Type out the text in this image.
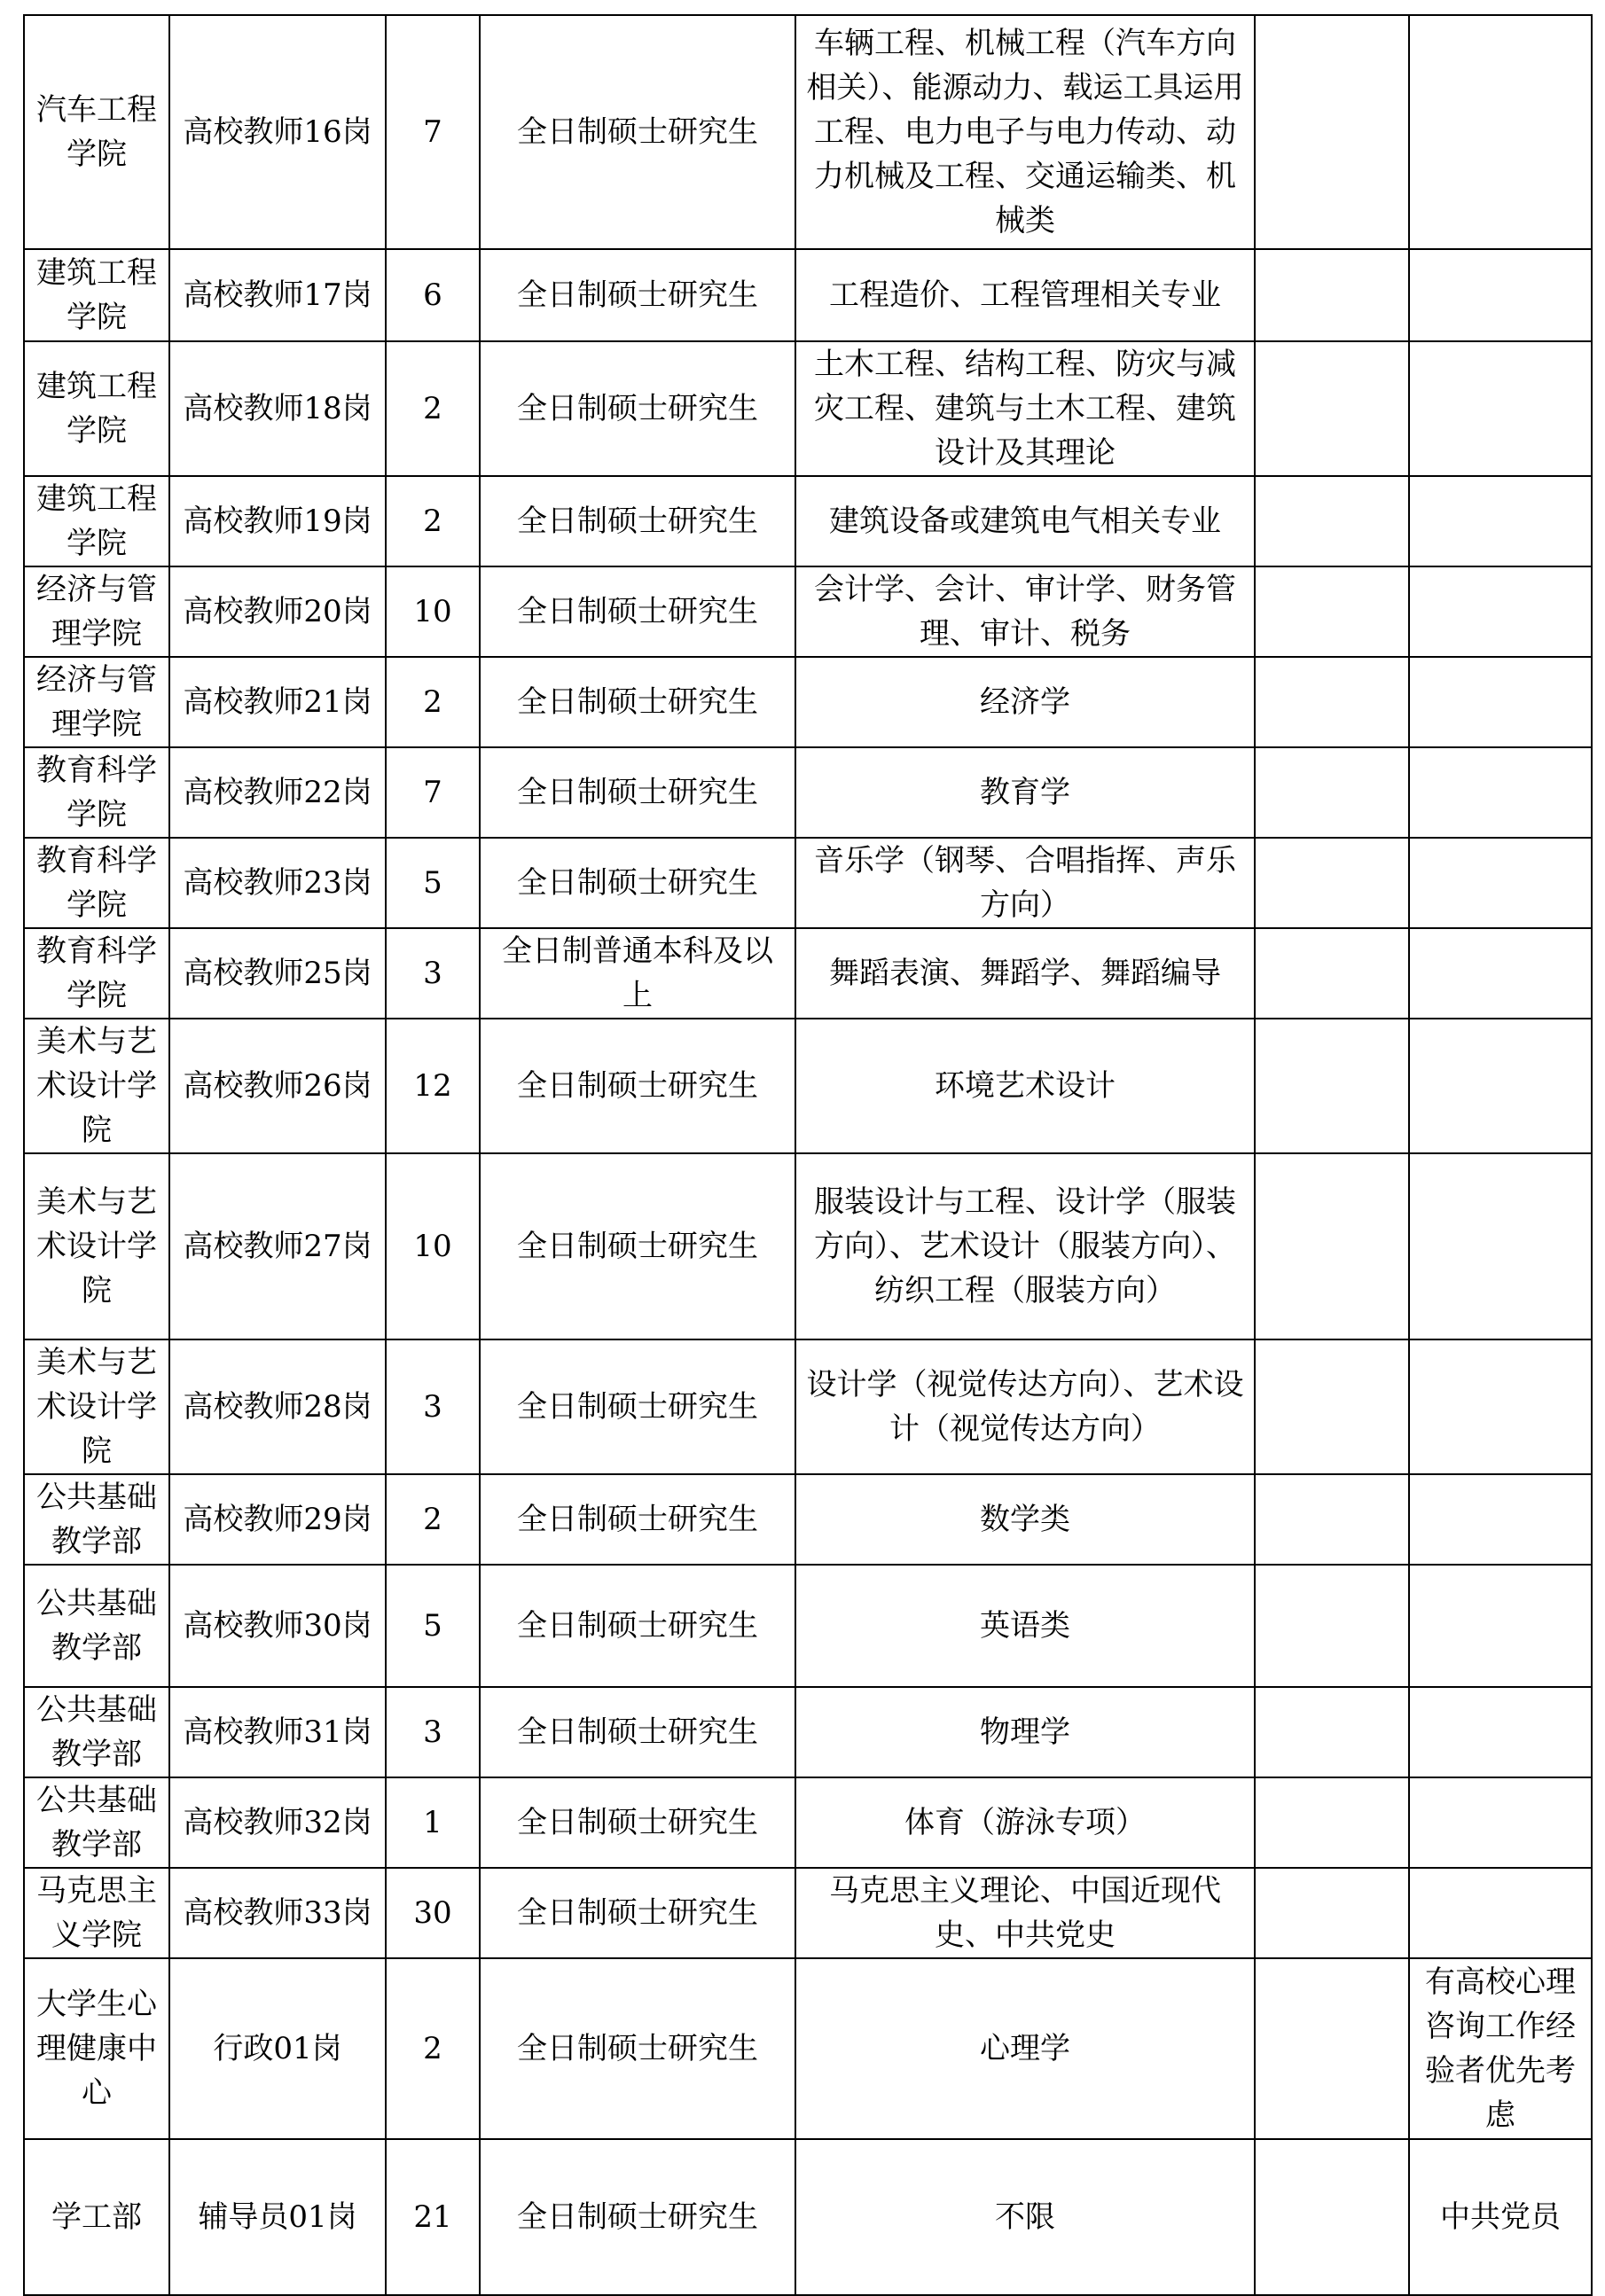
汽车工程学院	高校教师16岗	7	全日制硕士研究生	车辆工程、机械工程（汽车方向相关）、能源动力、载运工具运用工程、电力电子与电力传动、动力机械及工程、交通运输类、机械类		
建筑工程学院	高校教师17岗	6	全日制硕士研究生	工程造价、工程管理相关专业		
建筑工程学院	高校教师18岗	2	全日制硕士研究生	土木工程、结构工程、防灾与减灾工程、建筑与土木工程、建筑设计及其理论		
建筑工程学院	高校教师19岗	2	全日制硕士研究生	建筑设备或建筑电气相关专业		
经济与管理学院	高校教师20岗	10	全日制硕士研究生	会计学、会计、审计学、财务管理、审计、税务		
经济与管理学院	高校教师21岗	2	全日制硕士研究生	经济学		
教育科学学院	高校教师22岗	7	全日制硕士研究生	教育学		
教育科学学院	高校教师23岗	5	全日制硕士研究生	音乐学（钢琴、合唱指挥、声乐方向）		
教育科学学院	高校教师25岗	3	全日制普通本科及以上	舞蹈表演、舞蹈学、舞蹈编导		
美术与艺术设计学院	高校教师26岗	12	全日制硕士研究生	环境艺术设计		
美术与艺术设计学院	高校教师27岗	10	全日制硕士研究生	服装设计与工程、设计学（服装方向）、艺术设计（服装方向）、纺织工程（服装方向）		
美术与艺术设计学院	高校教师28岗	3	全日制硕士研究生	设计学（视觉传达方向）、艺术设计（视觉传达方向）		
公共基础教学部	高校教师29岗	2	全日制硕士研究生	数学类		
公共基础教学部	高校教师30岗	5	全日制硕士研究生	英语类		
公共基础教学部	高校教师31岗	3	全日制硕士研究生	物理学		
公共基础教学部	高校教师32岗	1	全日制硕士研究生	体育（游泳专项）		
马克思主义学院	高校教师33岗	30	全日制硕士研究生	马克思主义理论、中国近现代史、中共党史		
大学生心理健康中心	行政01岗	2	全日制硕士研究生	心理学		有高校心理咨询工作经验者优先考虑
学工部	辅导员01岗	21	全日制硕士研究生	不限		中共党员
